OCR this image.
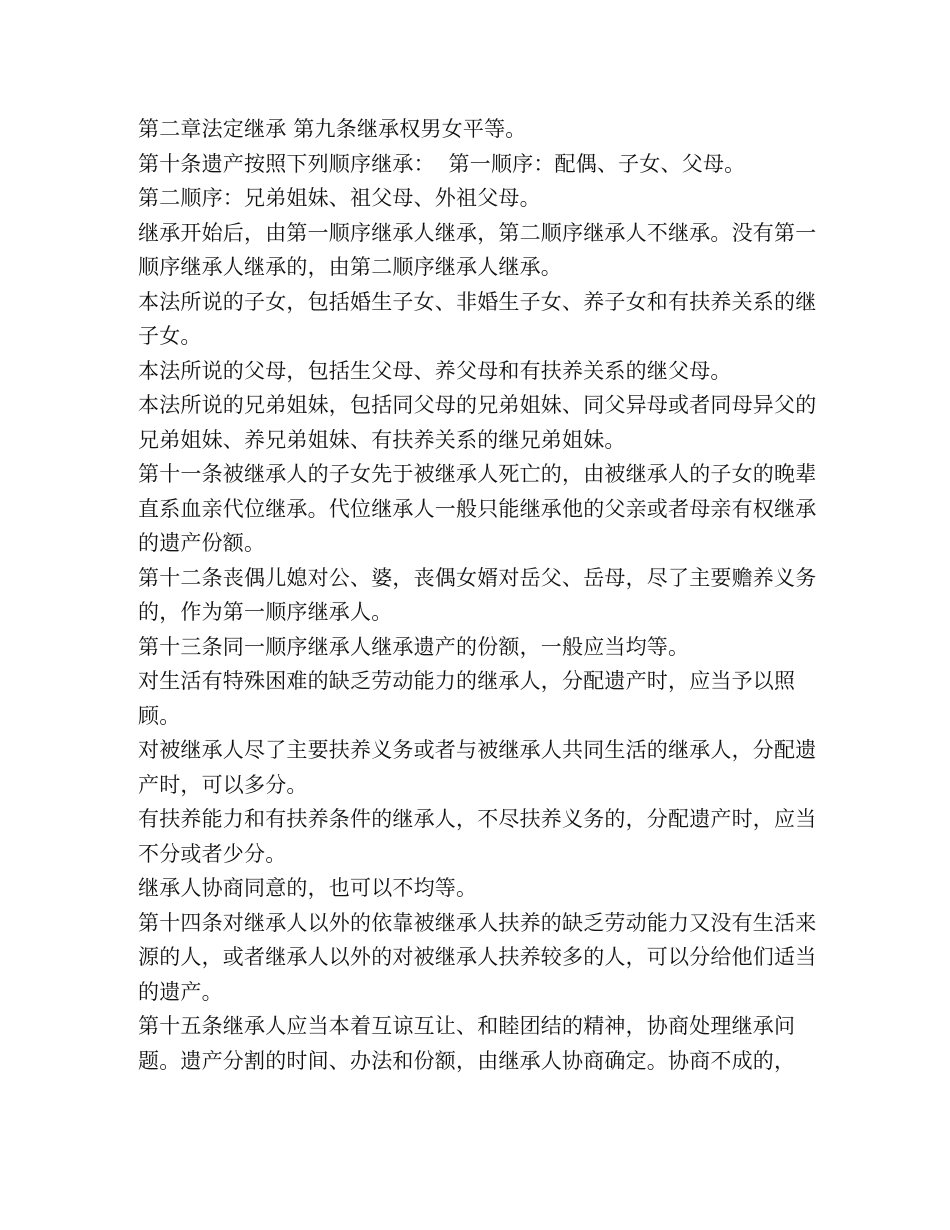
第二章法定继承 第九条继承权男女平等。

第十条遗产按照下列顺序继承：  第一顺序：配偶、子女、父母。

第二顺序：兄弟姐妹、祖父母、外祖父母。

继承开始后，由第一顺序继承人继承，第二顺序继承人不继承。没有第一顺序继承人继承的，由第二顺序继承人继承。

本法所说的子女，包括婚生子女、非婚生子女、养子女和有扶养关系的继子女。

本法所说的父母，包括生父母、养父母和有扶养关系的继父母。

本法所说的兄弟姐妹，包括同父母的兄弟姐妹、同父异母或者同母异父的兄弟姐妹、养兄弟姐妹、有扶养关系的继兄弟姐妹。

第十一条被继承人的子女先于被继承人死亡的，由被继承人的子女的晚辈直系血亲代位继承。代位继承人一般只能继承他的父亲或者母亲有权继承的遗产份额。

第十二条丧偶儿媳对公、婆，丧偶女婿对岳父、岳母，尽了主要赡养义务的，作为第一顺序继承人。

第十三条同一顺序继承人继承遗产的份额，一般应当均等。

对生活有特殊困难的缺乏劳动能力的继承人，分配遗产时，应当予以照顾。

对被继承人尽了主要扶养义务或者与被继承人共同生活的继承人，分配遗产时，可以多分。

有扶养能力和有扶养条件的继承人，不尽扶养义务的，分配遗产时，应当不分或者少分。

继承人协商同意的，也可以不均等。

第十四条对继承人以外的依靠被继承人扶养的缺乏劳动能力又没有生活来源的人，或者继承人以外的对被继承人扶养较多的人，可以分给他们适当的遗产。

第十五条继承人应当本着互谅互让、和睦团结的精神，协商处理继承问题。遗产分割的时间、办法和份额，由继承人协商确定。协商不成的，
